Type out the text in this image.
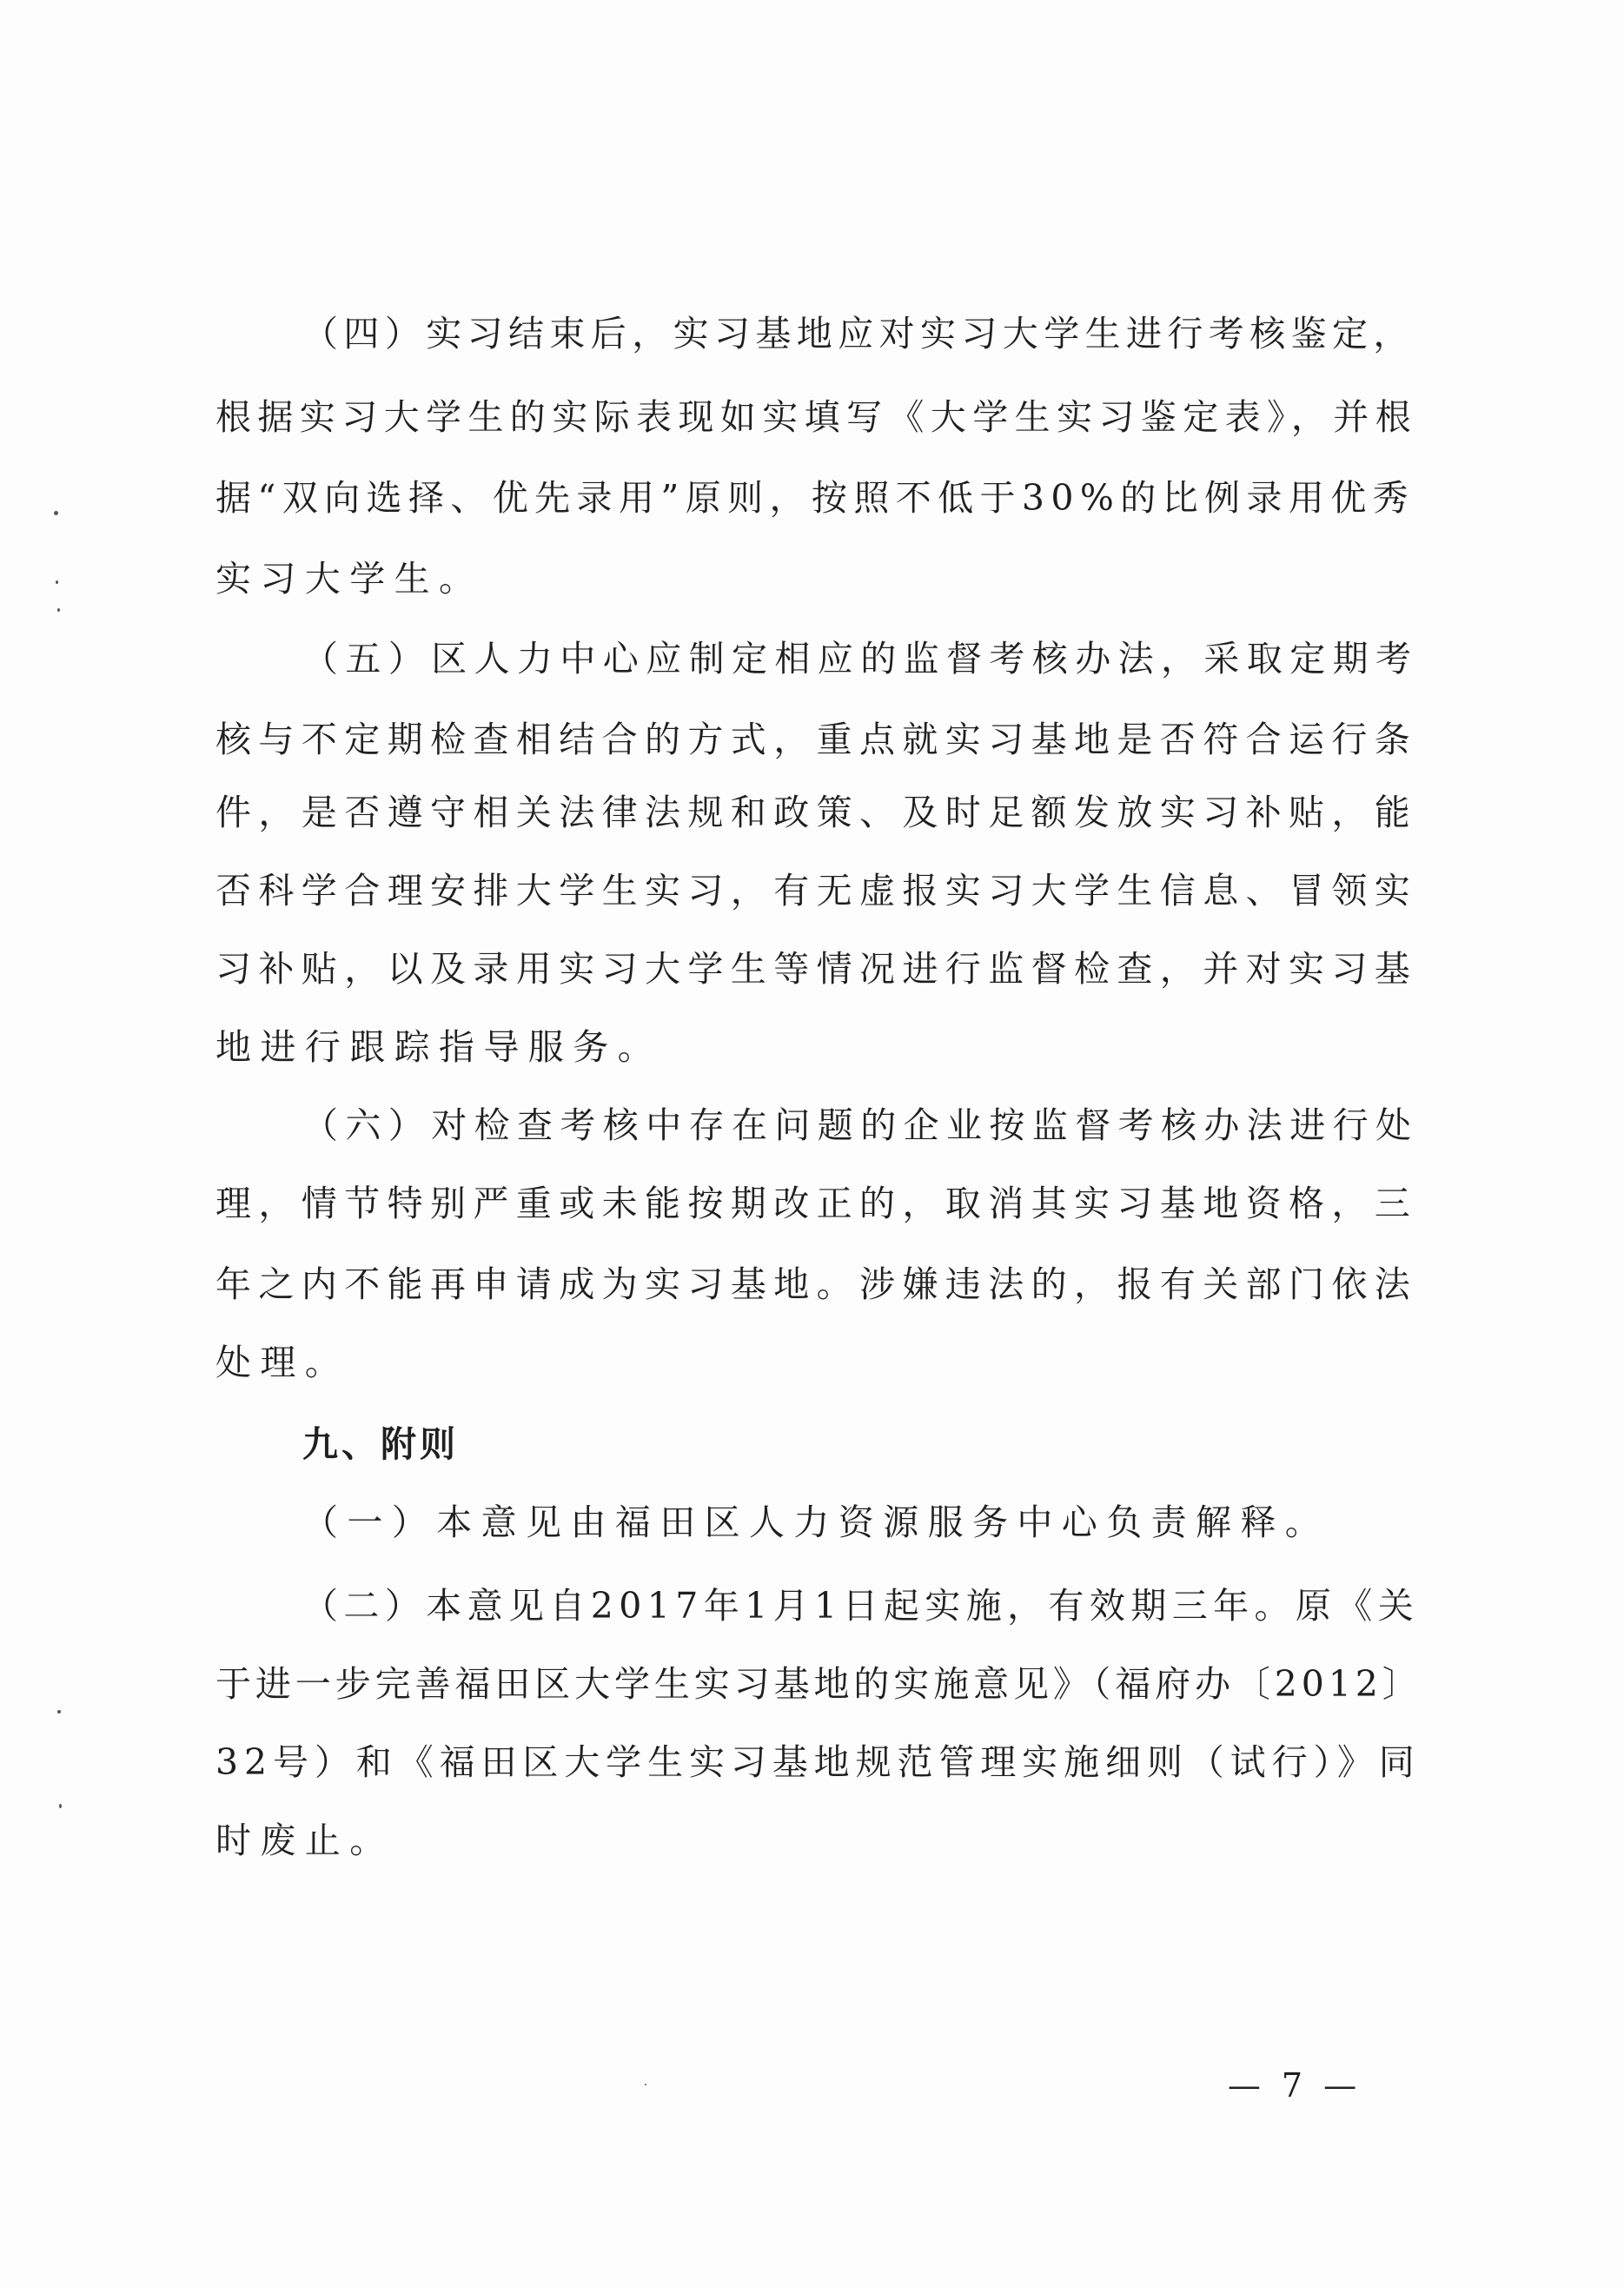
（四）实习结束后，实习基地应对实习大学生进行考核鉴定，
根据实习大学生的实际表现如实填写《大学生实习鉴定表》，并根
据“双向选择、优先录用”原则，按照不低于30%的比例录用优秀
实习大学生。
（五）区人力中心应制定相应的监督考核办法，采取定期考
核与不定期检查相结合的方式，重点就实习基地是否符合运行条
件，是否遵守相关法律法规和政策、及时足额发放实习补贴，能
否科学合理安排大学生实习，有无虚报实习大学生信息、冒领实
习补贴，以及录用实习大学生等情况进行监督检查，并对实习基
地进行跟踪指导服务。
（六）对检查考核中存在问题的企业按监督考核办法进行处
理，情节特别严重或未能按期改正的，取消其实习基地资格，三
年之内不能再申请成为实习基地。涉嫌违法的，报有关部门依法
处理。
九、附则
（一）本意见由福田区人力资源服务中心负责解释。
（二）本意见自2017年1月1日起实施，有效期三年。原《关
于进一步完善福田区大学生实习基地的实施意见》（福府办〔2012〕
32号）和《福田区大学生实习基地规范管理实施细则（试行）》同
时废止。
— 7 —
